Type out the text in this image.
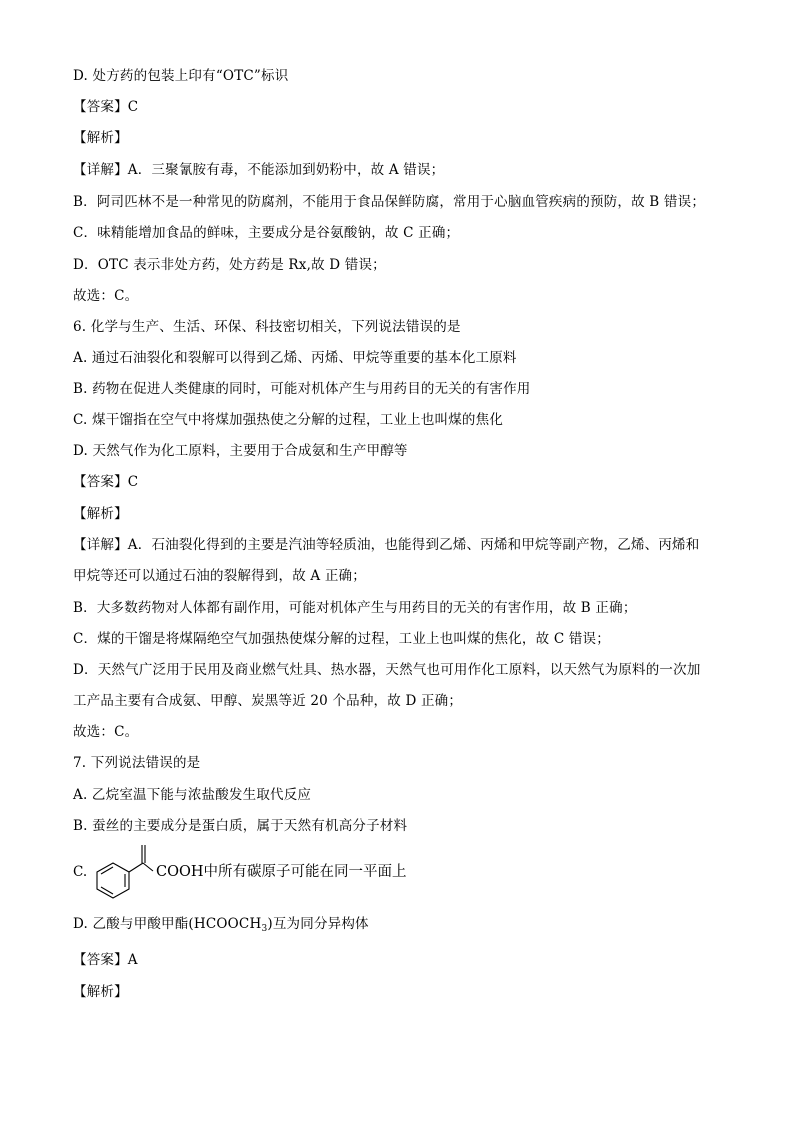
D. 处方药的包装上印有“OTC”标识
【答案】C
【解析】
【详解】A．三聚氰胺有毒，不能添加到奶粉中，故 A 错误；
B．阿司匹林不是一种常见的防腐剂，不能用于食品保鲜防腐，常用于心脑血管疾病的预防，故 B 错误；
C．味精能增加食品的鲜味，主要成分是谷氨酸钠，故 C 正确；
D．OTC 表示非处方药，处方药是 Rx,故 D 错误；
故选：C。
6. 化学与生产、生活、环保、科技密切相关，下列说法错误的是
A. 通过石油裂化和裂解可以得到乙烯、丙烯、甲烷等重要的基本化工原料
B. 药物在促进人类健康的同时，可能对机体产生与用药目的无关的有害作用
C. 煤干馏指在空气中将煤加强热使之分解的过程，工业上也叫煤的焦化
D. 天然气作为化工原料，主要用于合成氨和生产甲醇等
【答案】C
【解析】
【详解】A．石油裂化得到的主要是汽油等轻质油，也能得到乙烯、丙烯和甲烷等副产物，乙烯、丙烯和
甲烷等还可以通过石油的裂解得到，故 A 正确；
B．大多数药物对人体都有副作用，可能对机体产生与用药目的无关的有害作用，故 B 正确；
C．煤的干馏是将煤隔绝空气加强热使煤分解的过程，工业上也叫煤的焦化，故 C 错误；
D．天然气广泛用于民用及商业燃气灶具、热水器，天然气也可用作化工原料，以天然气为原料的一次加
工产品主要有合成氨、甲醇、炭黑等近 20 个品种，故 D 正确；
故选：C。
7. 下列说法错误的是
A. 乙烷室温下能与浓盐酸发生取代反应
B. 蚕丝的主要成分是蛋白质，属于天然有机高分子材料
C.	COOH中所有碳原子可能在同一平面上
D. 乙酸与甲酸甲酯$(HCOOCH_3)$互为同分异构体
【答案】A
【解析】
